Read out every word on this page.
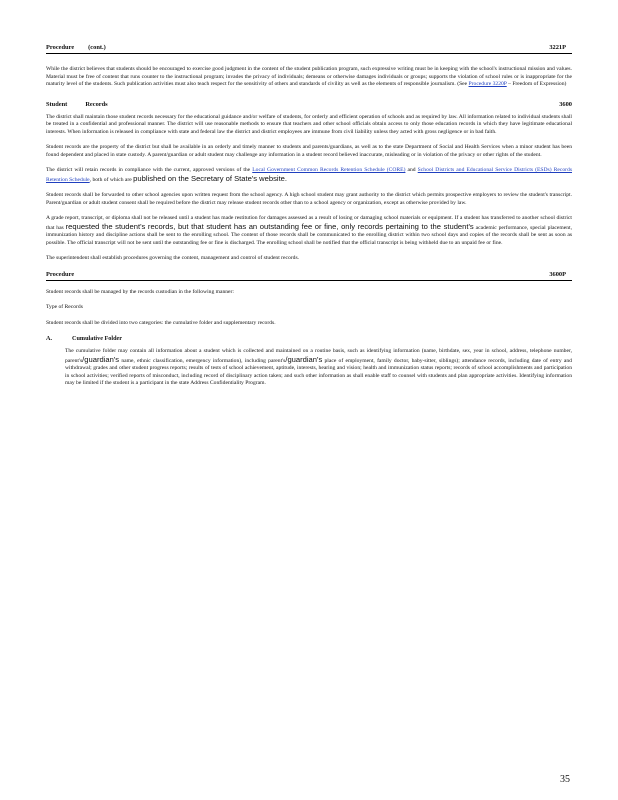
Procedure (cont.)	3221P

While the district believes that students should be encouraged to exercise good judgment in the content of the student publication program, such expressive writing must be in keeping with the school's instructional mission and values. Material must be free of content that runs counter to the instructional program; invades the privacy of individuals; demeans or otherwise damages individuals or groups; supports the violation of school rules or is inappropriate for the maturity level of the students. Such publication activities must also teach respect for the sensitivity of others and standards of civility as well as the elements of responsible journalism. (See Procedure 3220P – Freedom of Expression)

Student	Records	3600

The district shall maintain those student records necessary for the educational guidance and/or welfare of students, for orderly and efficient operation of schools and as required by law. All information related to individual students shall be treated in a confidential and professional manner. The district will use reasonable methods to ensure that teachers and other school officials obtain access to only those education records in which they have legitimate educational interests. When information is released in compliance with state and federal law the district and district employees are immune from civil liability unless they acted with gross negligence or in bad faith.

Student records are the property of the district but shall be available in an orderly and timely manner to students and parents/guardians, as well as to the state Department of Social and Health Services when a minor student has been found dependent and placed in state custody. A parent/guardian or adult student may challenge any information in a student record believed inaccurate, misleading or in violation of the privacy or other rights of the student.

The district will retain records in compliance with the current, approved versions of the Local Government Common Records Retention Schedule (CORE) and School Districts and Educational Service Districts (ESDs) Records Retention Schedule, both of which are published on the Secretary of State's website.

Student records shall be forwarded to other school agencies upon written request from the school agency. A high school student may grant authority to the district which permits prospective employers to review the student's transcript. Parent/guardian or adult student consent shall be required before the district may release student records other than to a school agency or organization, except as otherwise provided by law.

A grade report, transcript, or diploma shall not be released until a student has made restitution for damages assessed as a result of losing or damaging school materials or equipment. If a student has transferred to another school district that has requested the student's records, but that student has an outstanding fee or fine, only records pertaining to the student's academic performance, special placement, immunization history and discipline actions shall be sent to the enrolling school. The content of those records shall be communicated to the enrolling district within two school days and copies of the records shall be sent as soon as possible. The official transcript will not be sent until the outstanding fee or fine is discharged. The enrolling school shall be notified that the official transcript is being withheld due to an unpaid fee or fine.

The superintendent shall establish procedures governing the content, management and control of student records.

Procedure	3600P

Student records shall be managed by the records custodian in the following manner:

Type of Records

Student records shall be divided into two categories: the cumulative folder and supplementary records.

A.	Cumulative Folder

The cumulative folder may contain all information about a student which is collected and maintained on a routine basis, such as identifying information (name, birthdate, sex, year in school, address, telephone number, parent's/guardian's name, ethnic classification, emergency information), including parent's/guardian's place of employment, family doctor, baby-sitter, siblings); attendance records, including date of entry and withdrawal; grades and other student progress reports; results of tests of school achievement, aptitude, interests, hearing and vision; health and immunization status reports; records of school accomplishments and participation in school activities; verified reports of misconduct, including record of disciplinary action taken; and such other information as shall enable staff to counsel with students and plan appropriate activities. Identifying information may be limited if the student is a participant in the state Address Confidentiality Program.

35
